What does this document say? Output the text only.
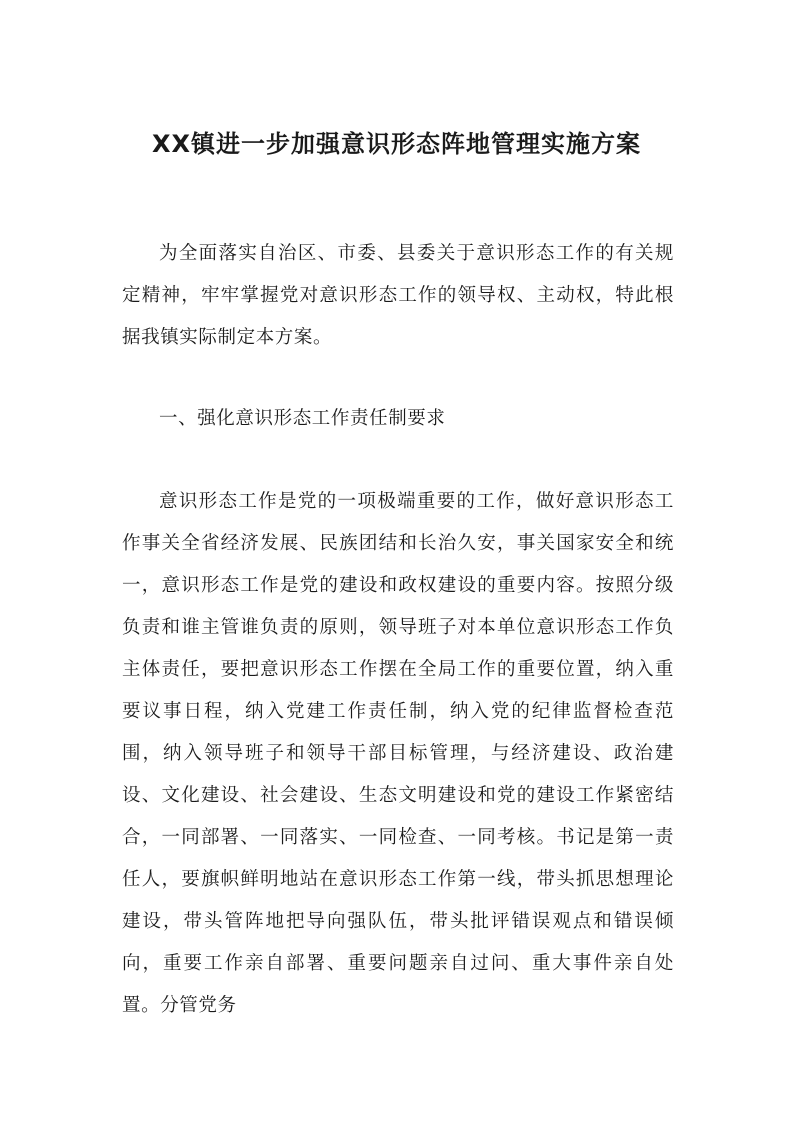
XX镇进一步加强意识形态阵地管理实施方案

为全面落实自治区、市委、县委关于意识形态工作的有关规定精神，牢牢掌握党对意识形态工作的领导权、主动权，特此根据我镇实际制定本方案。

一、强化意识形态工作责任制要求

意识形态工作是党的一项极端重要的工作，做好意识形态工作事关全省经济发展、民族团结和长治久安，事关国家安全和统一，意识形态工作是党的建设和政权建设的重要内容。按照分级负责和谁主管谁负责的原则，领导班子对本单位意识形态工作负主体责任，要把意识形态工作摆在全局工作的重要位置，纳入重要议事日程，纳入党建工作责任制，纳入党的纪律监督检查范围，纳入领导班子和领导干部目标管理，与经济建设、政治建设、文化建设、社会建设、生态文明建设和党的建设工作紧密结合，一同部署、一同落实、一同检查、一同考核。书记是第一责任人，要旗帜鲜明地站在意识形态工作第一线，带头抓思想理论建设，带头管阵地把导向强队伍，带头批评错误观点和错误倾向，重要工作亲自部署、重要问题亲自过问、重大事件亲自处置。分管党务
